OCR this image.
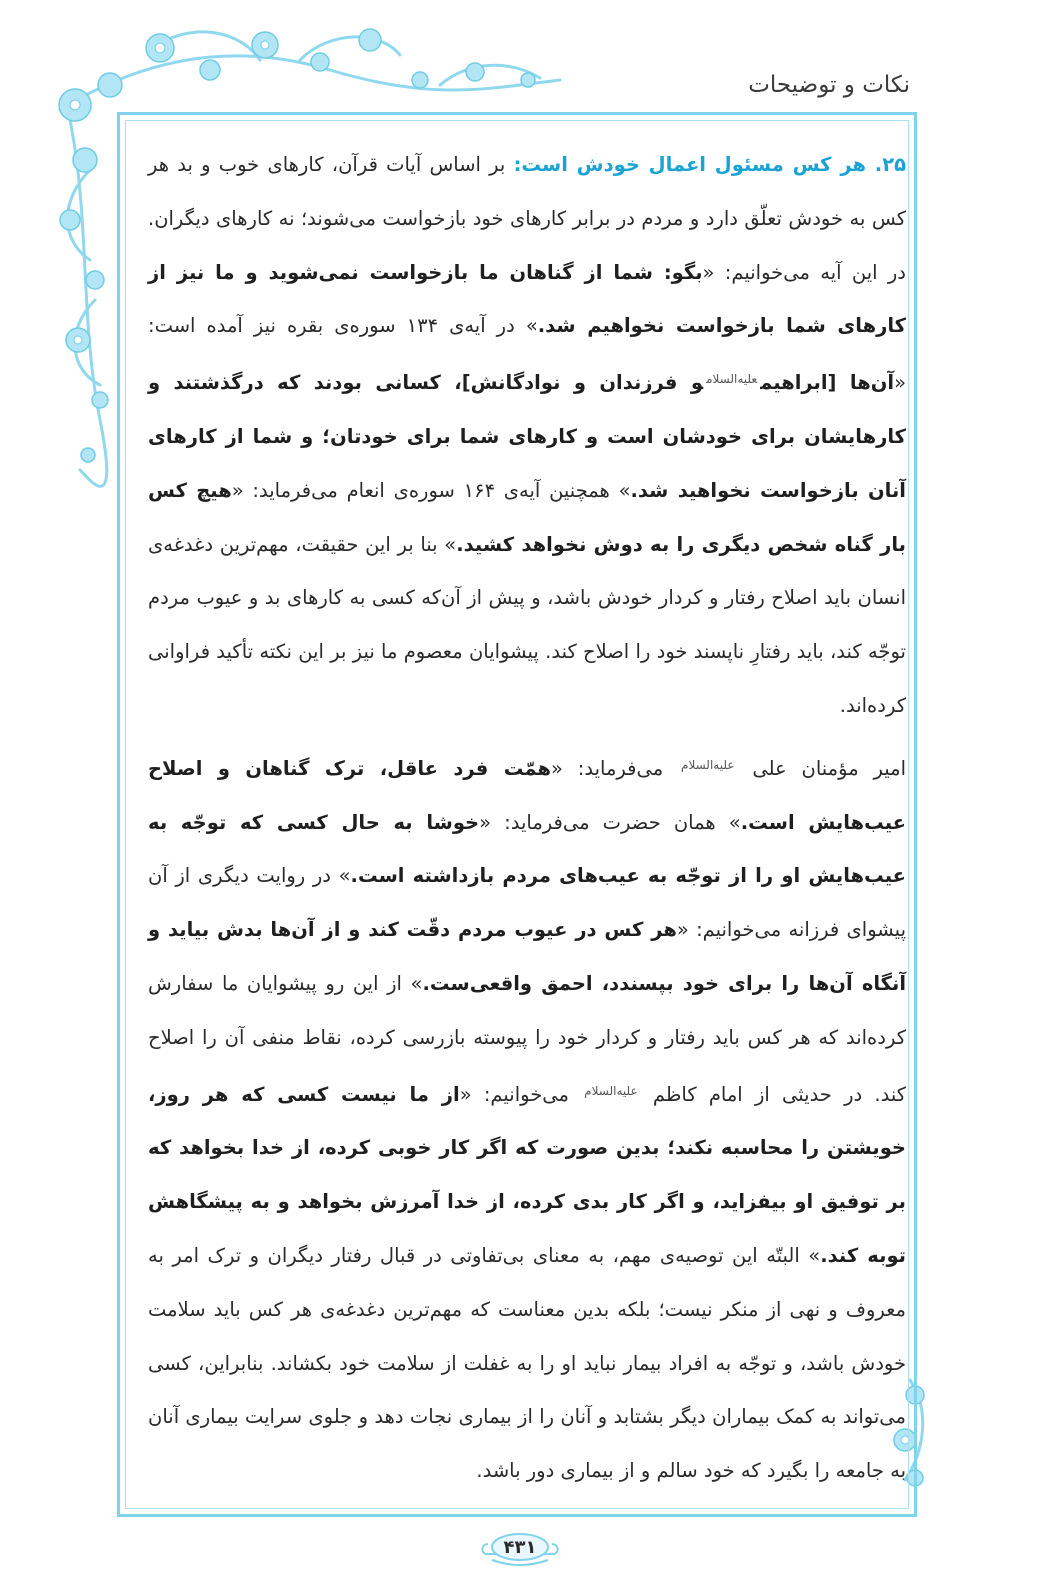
نکات و توضیحات

۲۵. هر کس مسئول اعمال خودش است: بر اساس آیات قرآن، کارهای خوب و بد هر کس به خودش تعلّق دارد و مردم در برابر کارهای خود بازخواست می‌شوند؛ نه کارهای دیگران. در این آیه می‌خوانیم: «بگو: شما از گناهان ما بازخواست نمی‌شوید و ما نیز از کارهای شما بازخواست نخواهیم شد.» در آیه‌ی ۱۳۴ سوره‌ی بقره نیز آمده است: «آن‌ها [ابراهیم$^{علیه‌السلام}$و فرزندان و نوادگانش]، کسانی بودند که درگذشتند و کارهایشان برای خودشان است و کارهای شما برای خودتان؛ و شما از کارهای آنان بازخواست نخواهید شد.» همچنین آیه‌ی ۱۶۴ سوره‌ی انعام می‌فرماید: «هیچ کس بار گناه شخص دیگری را به دوش نخواهد کشید.» بنا بر این حقیقت، مهم‌ترین دغدغه‌ی انسان باید اصلاح رفتار و کردار خودش باشد، و پیش از آن‌که کسی به کارهای بد و عیوب مردم توجّه کند، باید رفتارِ ناپسند خود را اصلاح کند. پیشوایان معصوم ما نیز بر این نکته تأکید فراوانی کرده‌اند.

امیر مؤمنان علی $^{علیه‌السلام}$ می‌فرماید: «همّت فرد عاقل، ترک گناهان و اصلاح عیب‌هایش است.» همان حضرت می‌فرماید: «خوشا به حال کسی که توجّه به عیب‌هایش او را از توجّه به عیب‌های مردم بازداشته است.» در روایت دیگری از آن پیشوای فرزانه می‌خوانیم: «هر کس در عیوب مردم دقّت کند و از آن‌ها بدش بیاید و آنگاه آن‌ها را برای خود بپسندد، احمق واقعی‌ست.» از این رو پیشوایان ما سفارش کرده‌اند که هر کس باید رفتار و کردار خود را پیوسته بازرسی کرده، نقاط منفی آن را اصلاح کند. در حدیثی از امام کاظم $^{علیه‌السلام}$ می‌خوانیم: «از ما نیست کسی که هر روز، خویشتن را محاسبه نکند؛ بدین صورت که اگر کار خوبی کرده، از خدا بخواهد که بر توفیق او بیفزاید، و اگر کار بدی کرده، از خدا آمرزش بخواهد و به پیشگاهش توبه کند.» البتّه این توصیه‌ی مهم، به معنای بی‌تفاوتی در قبال رفتار دیگران و ترک امر به معروف و نهی از منکر نیست؛ بلکه بدین معناست که مهم‌ترین دغدغه‌ی هر کس باید سلامت خودش باشد، و توجّه به افراد بیمار نباید او را به غفلت از سلامت خود بکشاند. بنابراین، کسی می‌تواند به کمک بیماران دیگر بشتابد و آنان را از بیماری نجات دهد و جلوی سرایت بیماری آنان به جامعه را بگیرد که خود سالم و از بیماری دور باشد.

۴۳۱
